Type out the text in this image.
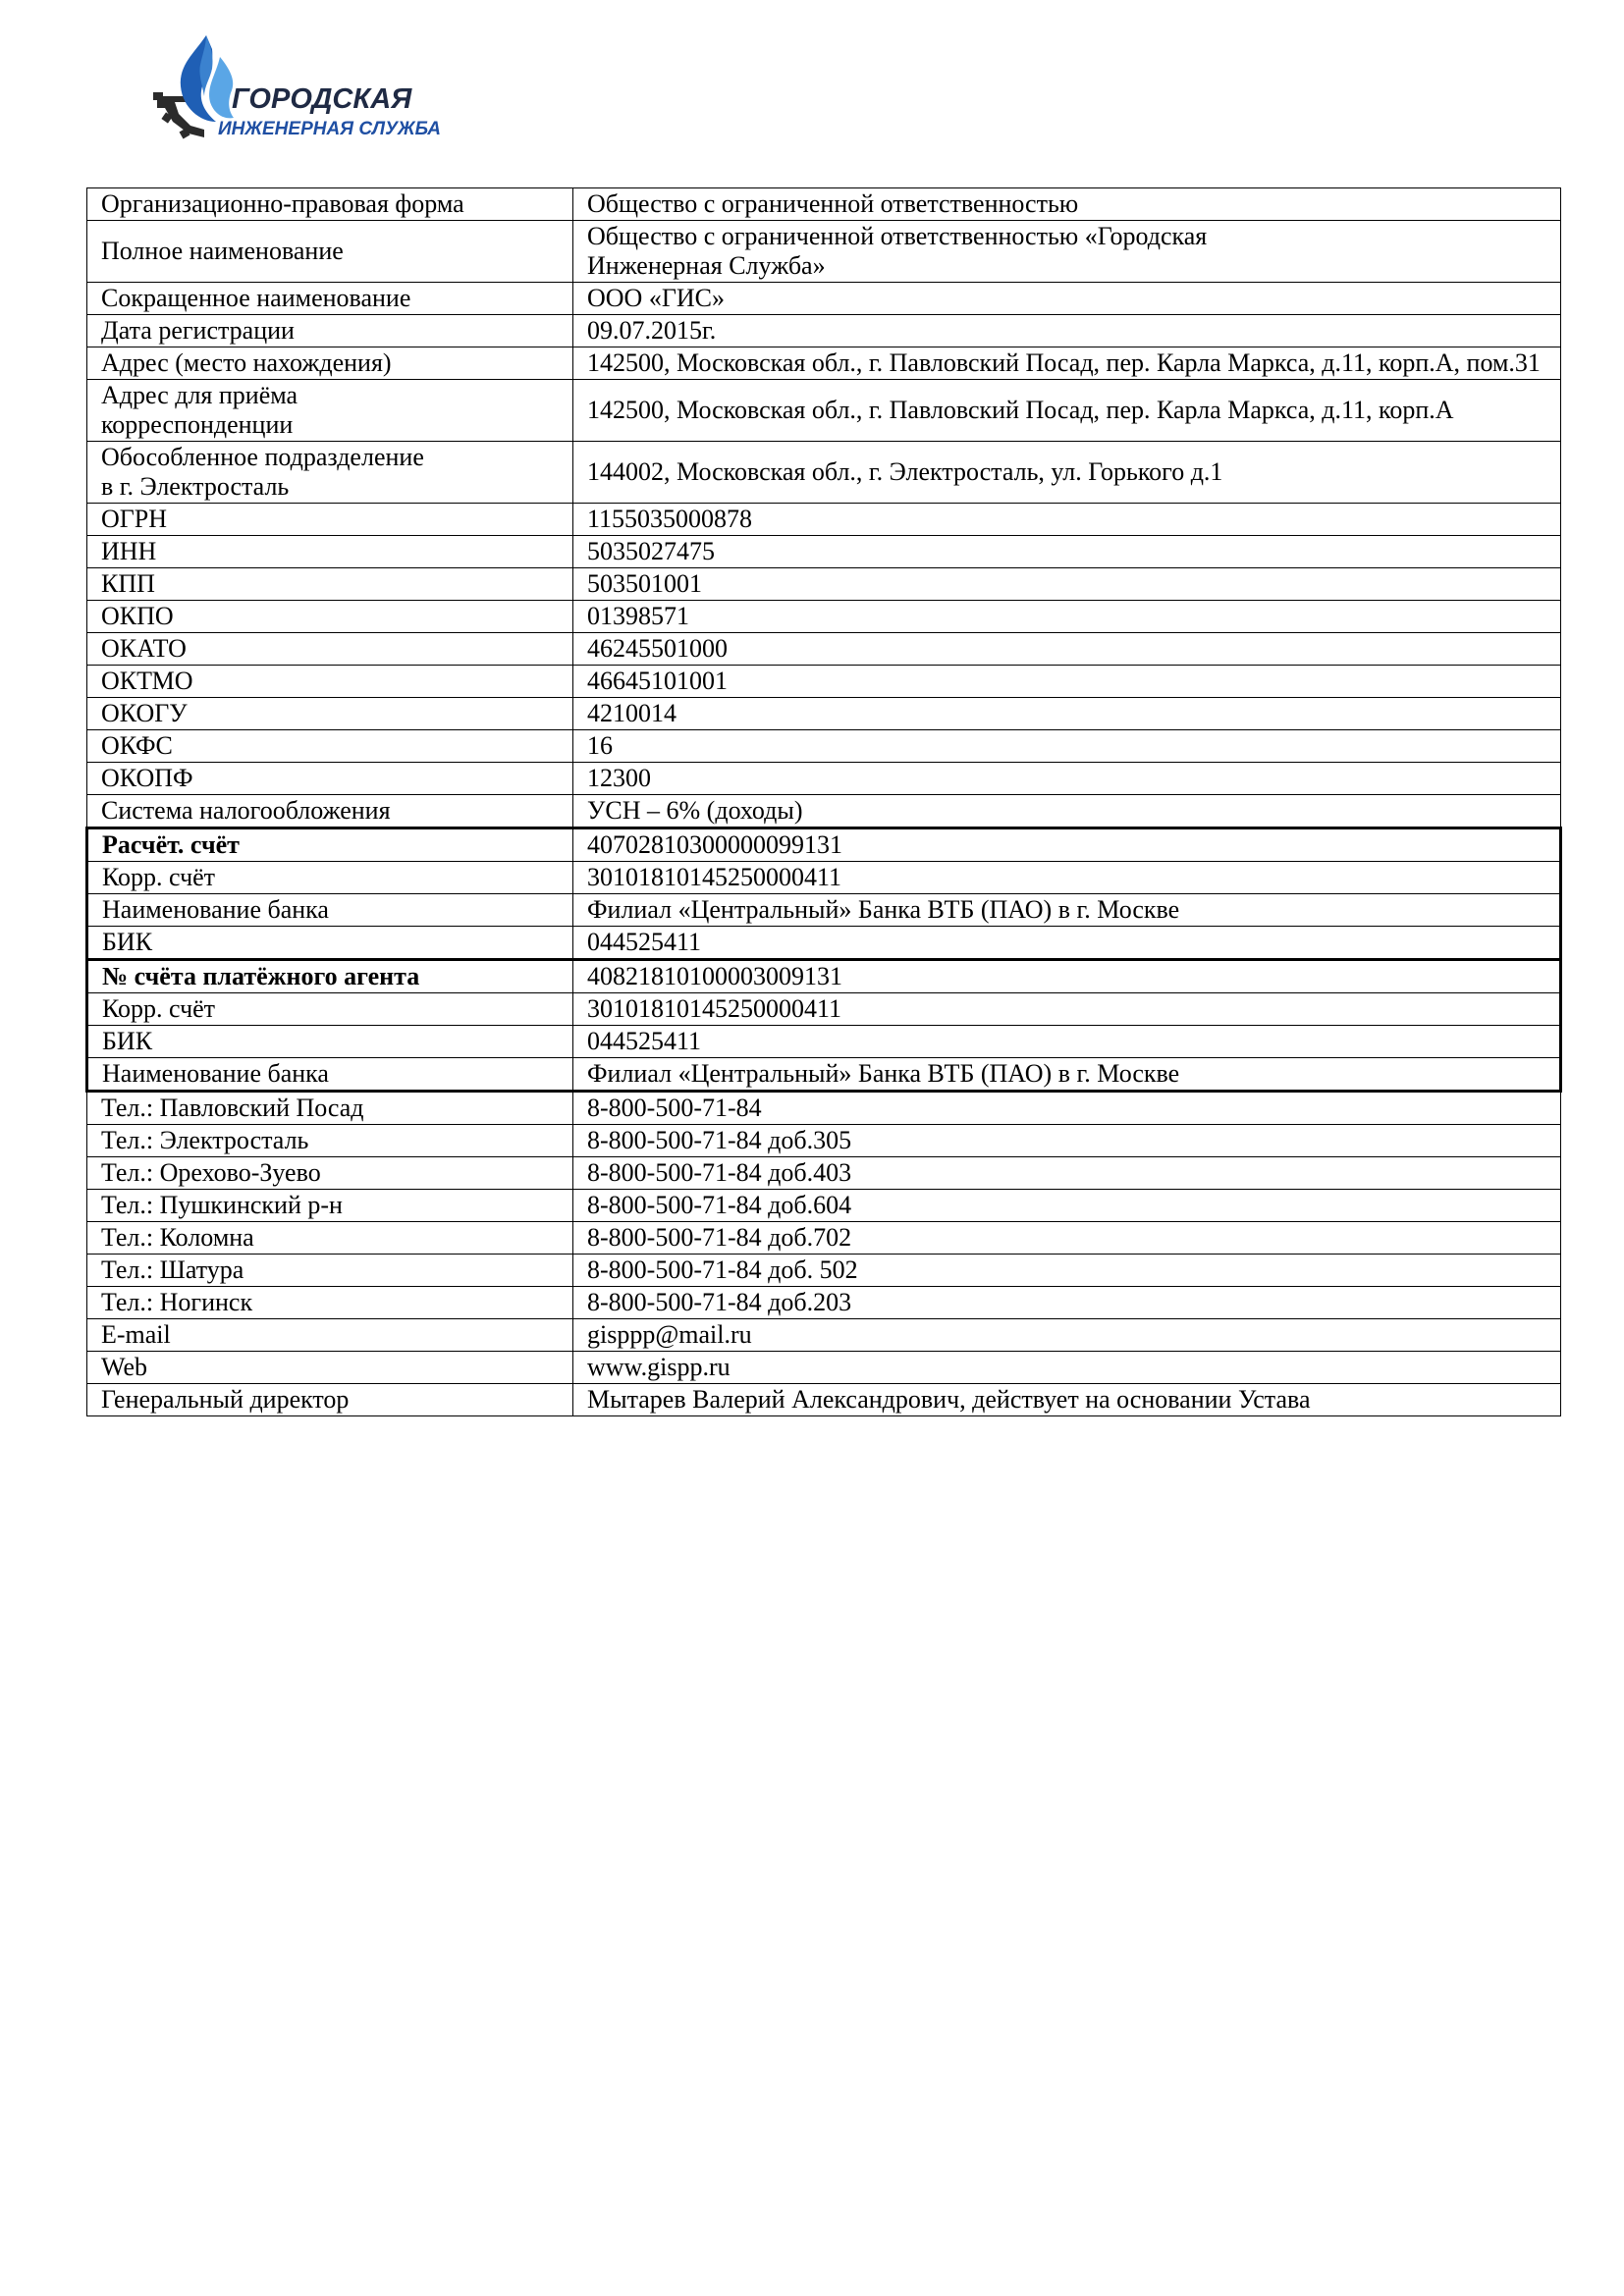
ГОРОДСКАЯ
ИНЖЕНЕРНАЯ СЛУЖБА
Организационно-правовая форма	Общество с ограниченной ответственностью
Полное наименование	Общество с ограниченной ответственностью «Городская Инженерная Служба»
Сокращенное наименование	ООО «ГИС»
Дата регистрации	09.07.2015г.
Адрес (место нахождения)	142500, Московская обл., г. Павловский Посад, пер. Карла Маркса, д.11, корп.А, пом.31
Адрес для приёма корреспонденции	142500, Московская обл., г. Павловский Посад, пер. Карла Маркса, д.11, корп.А
Обособленное подразделение в г. Электросталь	144002, Московская обл., г. Электросталь, ул. Горького д.1
ОГРН	1155035000878
ИНН	5035027475
КПП	503501001
ОКПО	01398571
ОКАТО	46245501000
ОКТМО	46645101001
ОКОГУ	4210014
ОКФС	16
ОКОПФ	12300
Система налогообложения	УСН – 6% (доходы)
Расчёт. счёт	40702810300000099131
Корр. счёт	30101810145250000411
Наименование банка	Филиал «Центральный» Банка ВТБ (ПАО) в г. Москве
БИК	044525411
№ счёта платёжного агента	40821810100003009131
Корр. счёт	30101810145250000411
БИК	044525411
Наименование банка	Филиал «Центральный» Банка ВТБ (ПАО) в г. Москве
Тел.: Павловский Посад	8-800-500-71-84
Тел.: Электросталь	8-800-500-71-84 доб.305
Тел.: Орехово-Зуево	8-800-500-71-84 доб.403
Тел.: Пушкинский р-н	8-800-500-71-84 доб.604
Тел.: Коломна	8-800-500-71-84 доб.702
Тел.: Шатура	8-800-500-71-84 доб. 502
Тел.: Ногинск	8-800-500-71-84 доб.203
E-mail	gisppp@mail.ru
Web	www.gispp.ru
Генеральный директор	Мытарев Валерий Александрович, действует на основании Устава
